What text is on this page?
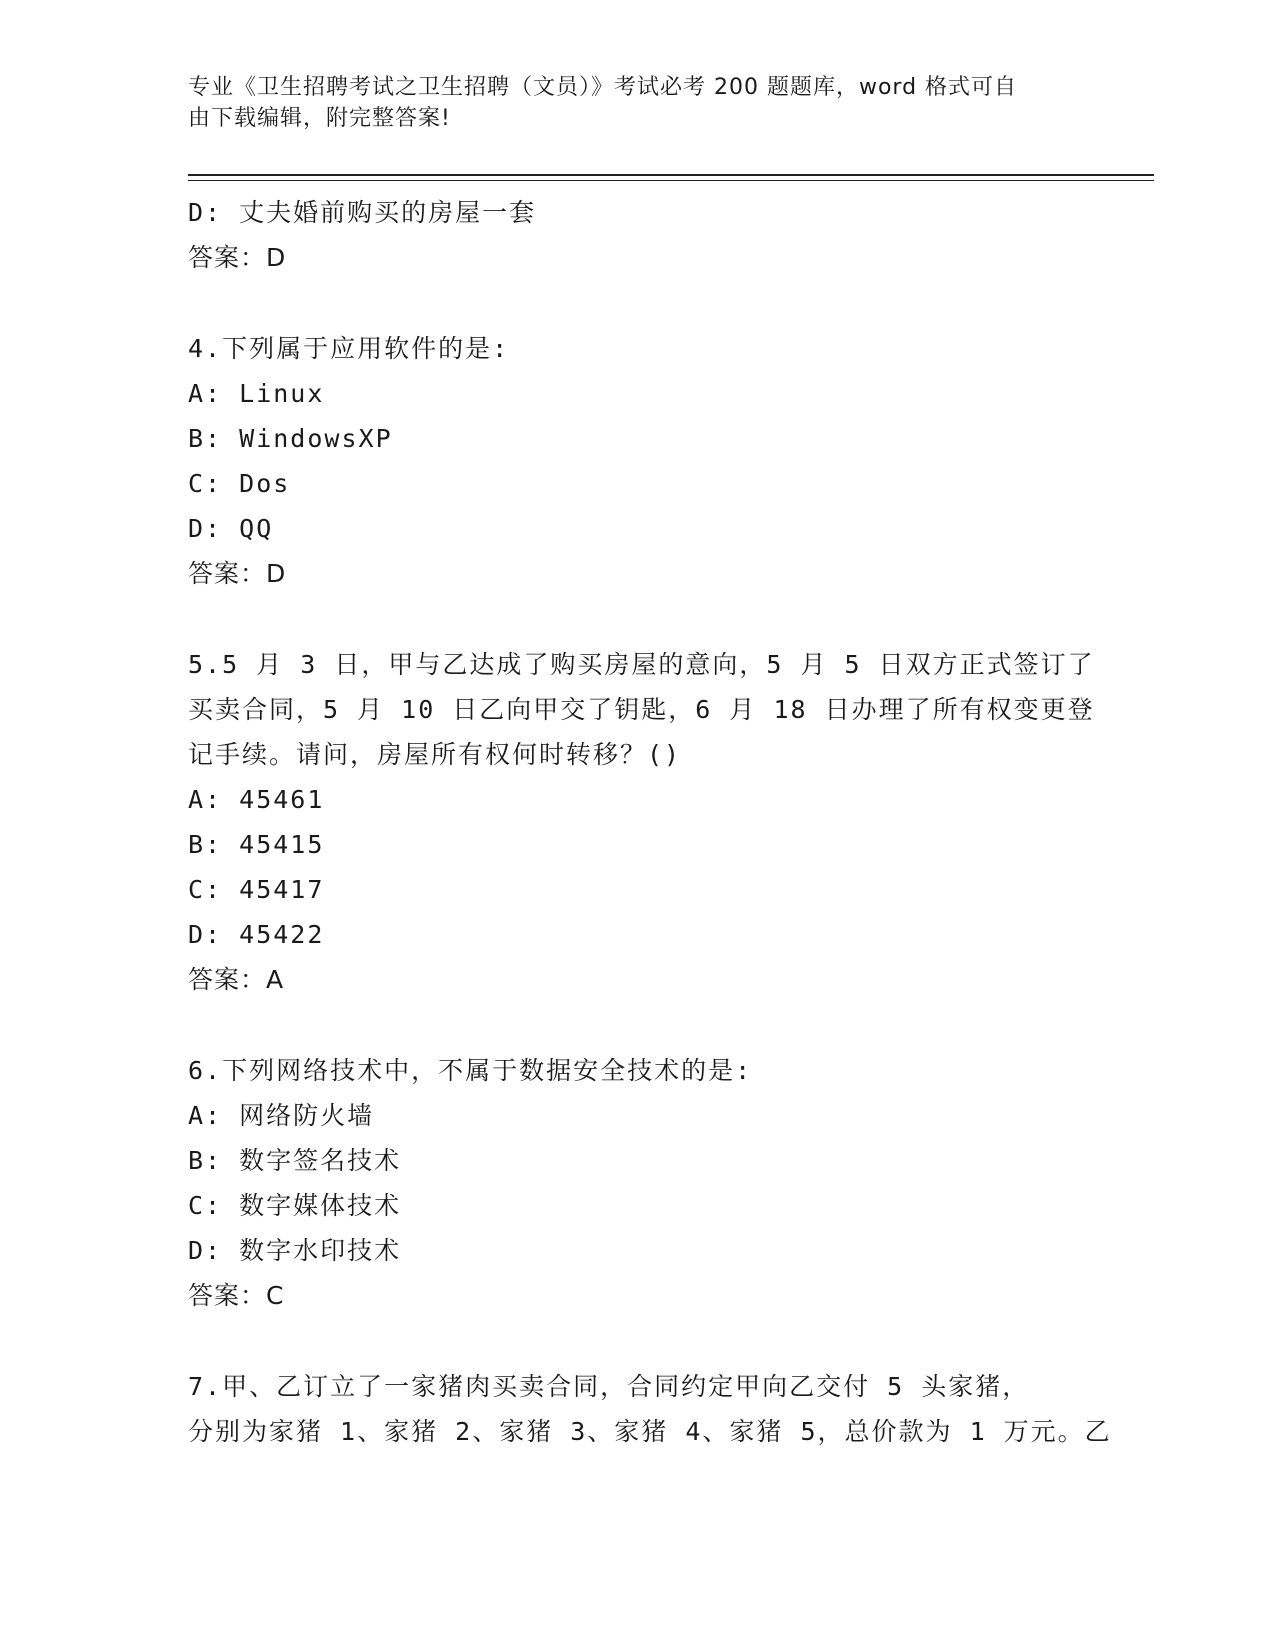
专业《卫生招聘考试之卫生招聘（文员）》考试必考 200 题题库，word 格式可自
由下载编辑，附完整答案!
D: 丈夫婚前购买的房屋一套
答案：D
4.下列属于应用软件的是:
A: Linux
B: WindowsXP
C: Dos
D: QQ
答案：D
5.5 月 3 日，甲与乙达成了购买房屋的意向，5 月 5 日双方正式签订了
买卖合同，5 月 10 日乙向甲交了钥匙，6 月 18 日办理了所有权变更登
记手续。请问，房屋所有权何时转移？()
A: 45461
B: 45415
C: 45417
D: 45422
答案：A
6.下列网络技术中，不属于数据安全技术的是:
A: 网络防火墙
B: 数字签名技术
C: 数字媒体技术
D: 数字水印技术
答案：C
7.甲、乙订立了一家猪肉买卖合同，合同约定甲向乙交付 5 头家猪，
分别为家猪 1、家猪 2、家猪 3、家猪 4、家猪 5，总价款为 1 万元。乙
